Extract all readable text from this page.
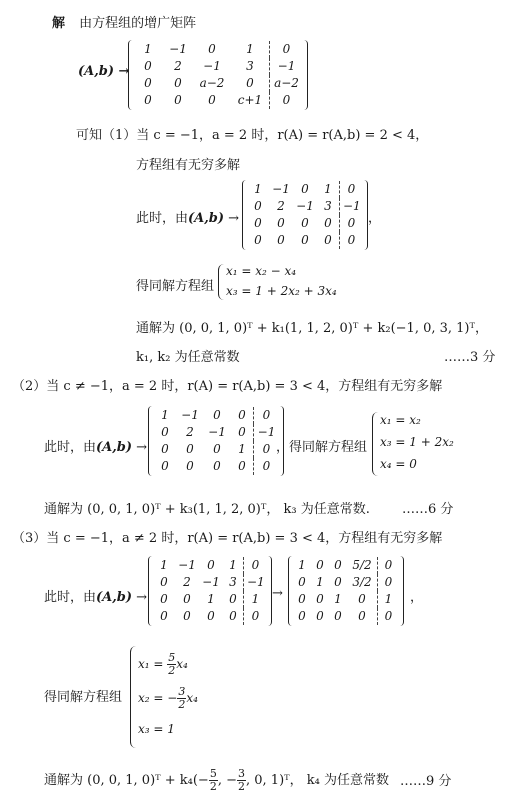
解 由方程组的增广矩阵
(A,b) →
1	−1	0	1	0
0	2	−1	3	−1
0	0	a−2	0	a−2
0	0	0	c+1	0
可知（1）当 c = −1，a = 2 时，r(A) = r(A,b) = 2 < 4，
方程组有无穷多解
此时，由(A,b) →
1 −1 0	1	0
0	2 −1 3 −1
0	0	0	0	0
0	0	0	0	0
，
得同解方程组
x₁ = x₂ − x₄
x₃ = 1 + 2x₂ + 3x₄
通解为 (0, 0, 1, 0)ᵀ + k₁(1, 1, 2, 0)ᵀ + k₂(−1, 0, 3, 1)ᵀ，
k₁, k₂ 为任意常数	……3 分
（2）当 c ≠ −1，a = 2 时，r(A) = r(A,b) = 3 < 4，方程组有无穷多解
此时，由(A,b) →
1	−1	0	0	0
0	2	−1	0 −1
0	0	0	1	0
0	0	0	0	0
，得同解方程组
x₁ = x₂
x₃ = 1 + 2x₂
x₄ = 0
通解为 (0, 0, 1, 0)ᵀ + k₃(1, 1, 2, 0)ᵀ， k₃ 为任意常数. ……6 分
（3）当 c = −1，a ≠ 2 时，r(A) = r(A,b) = 3 < 4，方程组有无穷多解
此时，由(A,b) →
1 −1 0	1	0
0	2 −1 3 −1
0	0	1	0	1
0	0	0	0	0
→
1 0 0 5/2	0
0 1 0 3/2	0
0 0 1	0	1
0 0 0	0	0
，
得同解方程组
$x_1 = \frac{5}{2} x_4$
x₂ = − $\frac{3}{2} x_4$
x₃ = 1
通解为 (0, 0, 1, 0)ᵀ + $k_4(- \frac{5}{2}$ , − $\frac{3}{2}$ , 0, 1)ᵀ， k₄ 为任意常数 ……9 分
